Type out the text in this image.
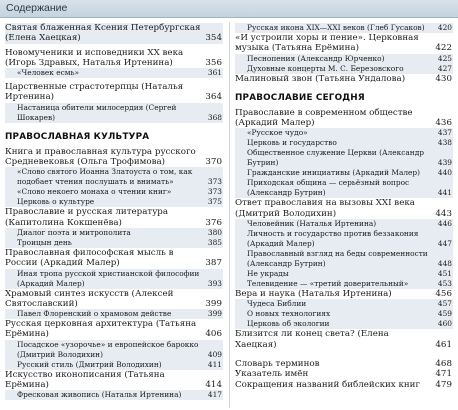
Содержание
Святая блаженная Ксения Петербургская (Елена Хаецкая)	354
Новомученики и исповедники XX века (Игорь Здравых, Наталья Иртенина)	356
«Человек есмь»	361
Царственные страстотерпцы (Наталья Иртенина)	364
Настаница обители милосердия (Сергей Шокарев)	368
ПРАВОСЛАВНАЯ КУЛЬТУРА
Книга и православная культура русского Средневековья (Ольга Трофимова)	370
«Слово святого Иоанна Златоуста о том, как подобает чтения послушать и внимать»	373
«Слово некоего монаха о чтении книг»	373
Церковь о культуре	375
Православие и русская литература (Капитолина Кокшенёва)	376
Диалог поэта и митрополита	380
Троицын день	385
Православная философская мысль в России (Аркадий Малер)	387
Иная тропа русской христианской философии (Аркадий Малер)	393
Храмовый синтез искусств (Алексей Святославский)	399
Павел Флоренский о храмовом действе	399
Русская церковная архитектура (Татьяна Ерёмина)	406
Посадское «узорочье» и европейское барокко (Дмитрий Володихин)	409
Русский стиль (Дмитрий Володихин)	411
Искусство иконописания (Татьяна Ерёмина)	414
Фресковая живопись (Наталья Иртенина)	417
Русская икона XIX—XXI веков (Глеб Гусаков)	420
«И устроили хоры и пение». Церковная музыка (Татьяна Ерёмина)	422
Песнопения (Александр Юрченко)	425
Духовные концерты М. С. Березовского	427
Малиновый звон (Татьяна Ундалова)	430
ПРАВОСЛАВИЕ СЕГОДНЯ
Православие в современном обществе (Аркадий Малер)	436
«Русское чудо»	437
Церковь и государство	438
Общественное служение Церкви (Александр Бутрин)	439
Гражданские инициативы (Аркадий Малер)	440
Приходская община — серьёзный вопрос (Александр Бутрин)	441
Ответ православия на вызовы XXI века (Дмитрий Володихин)	443
Человейник (Наталья Иртенина)	446
Личность и государство против беззакония (Аркадий Малер)	447
Православный взгляд на беды современности (Александр Бутрин)	448
Не украды	451
Телевидение — «третий доверительный»	453
Вера и наука (Наталья Иртенина)	456
Чудеса Библии	457
О новых технологиях	459
Церковь об экологии	460
Близится ли конец света? (Елена Хаецкая)	461
Словарь терминов	468
Указатель имён	471
Сокращения названий библейских книг	479
